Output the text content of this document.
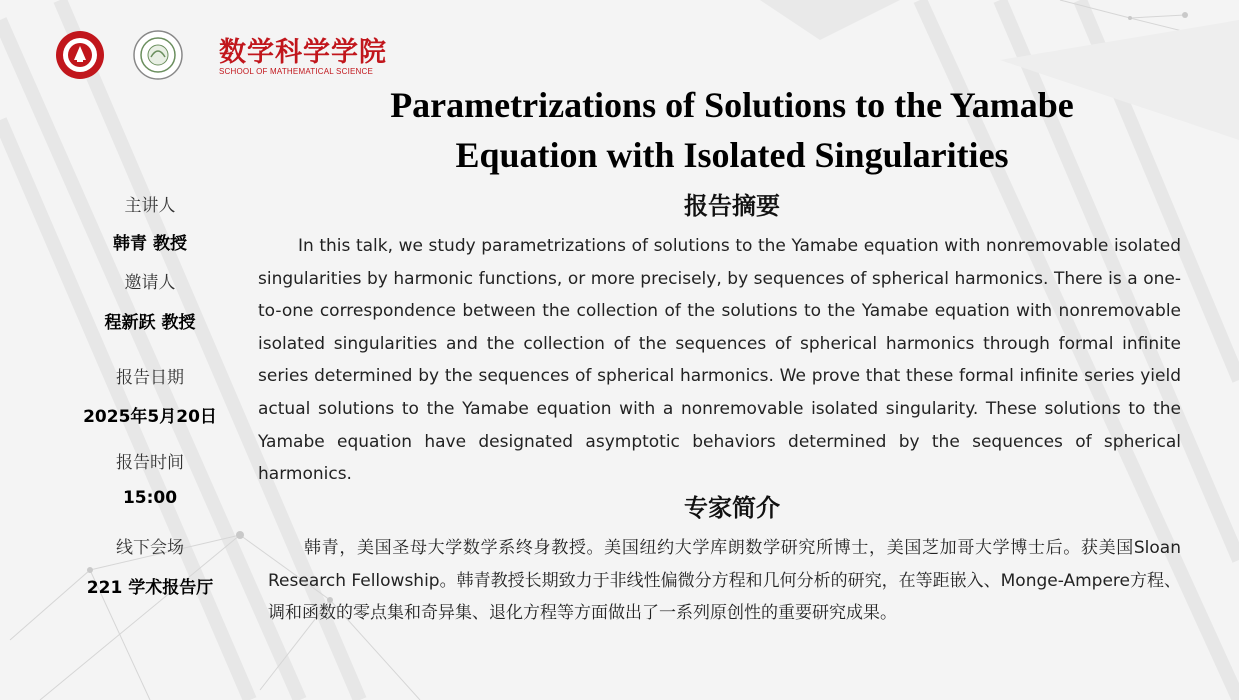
数学科学学院
SCHOOL OF MATHEMATICAL SCIENCE
Parametrizations of Solutions to the Yamabe
Equation with Isolated Singularities
主讲人
韩青 教授
邀请人
程新跃 教授
报告日期
2025年5月20日
报告时间
15:00
线下会场
221 学术报告厅
报告摘要
In this talk, we study parametrizations of solutions to the Yamabe equation with nonremovable isolated singularities by harmonic functions, or more precisely, by sequences of spherical harmonics. There is a one-to-one correspondence between the collection of the solutions to the Yamabe equation with nonremovable isolated singularities and the collection of the sequences of spherical harmonics through formal infinite series determined by the sequences of spherical harmonics. We prove that these formal infinite series yield actual solutions to the Yamabe equation with a nonremovable isolated singularity. These solutions to the Yamabe equation have designated asymptotic behaviors determined by the sequences of spherical harmonics.
专家简介
韩青，美国圣母大学数学系终身教授。美国纽约大学库朗数学研究所博士，美国芝加哥大学博士后。获美国Sloan Research Fellowship。韩青教授长期致力于非线性偏微分方程和几何分析的研究，在等距嵌入、Monge-Ampere方程、调和函数的零点集和奇异集、退化方程等方面做出了一系列原创性的重要研究成果。
